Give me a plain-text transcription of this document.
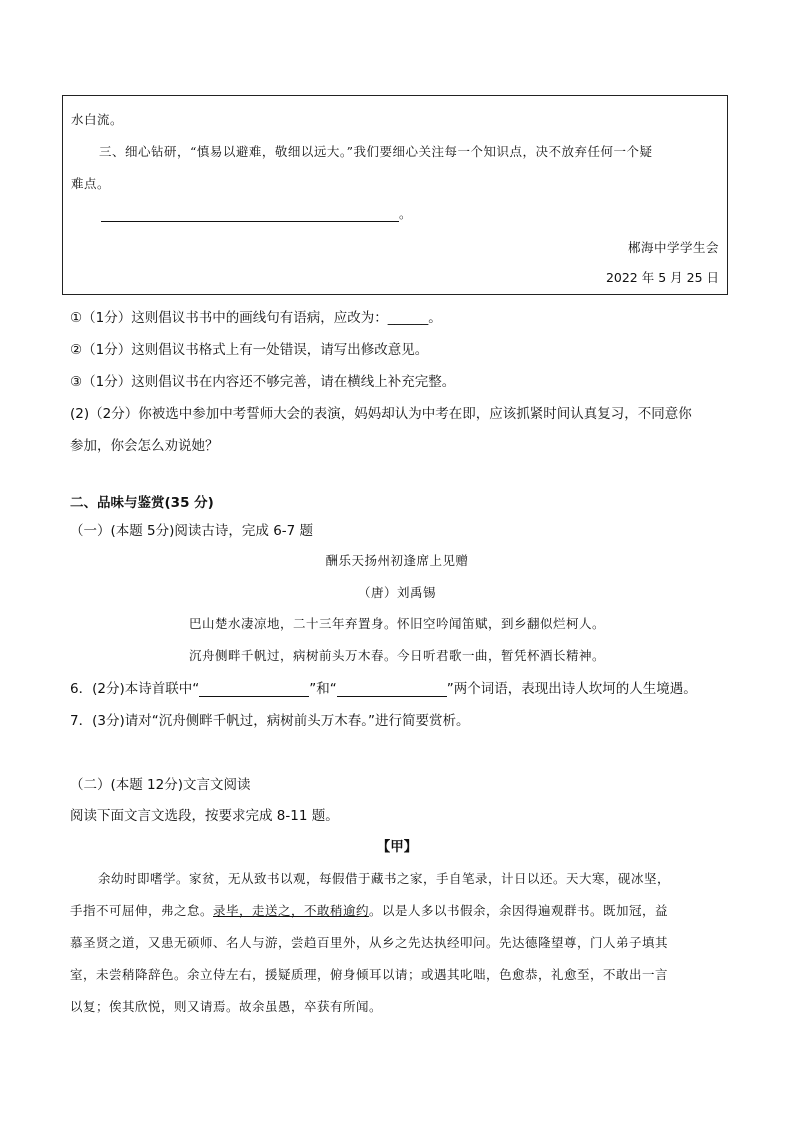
水白流。
三、细心钻研，“慎易以避难，敬细以远大。”我们要细心关注每一个知识点，决不放弃任何一个疑
难点。
。
郴海中学学生会
2022 年 5 月 25 日
①（1分）这则倡议书书中的画线句有语病，应改为：______。
②（1分）这则倡议书格式上有一处错误，请写出修改意见。
③（1分）这则倡议书在内容还不够完善，请在横线上补充完整。
(2)（2分）你被选中参加中考誓师大会的表演，妈妈却认为中考在即，应该抓紧时间认真复习，不同意你
参加，你会怎么劝说她？
二、品味与鉴赏(35 分)
（一）(本题 5分)阅读古诗，完成 6-7 题
酬乐天扬州初逢席上见赠
（唐）刘禹锡
巴山楚水凄凉地，二十三年弃置身。怀旧空吟闻笛赋，到乡翻似烂柯人。
沉舟侧畔千帆过，病树前头万木春。今日听君歌一曲，暂凭杯酒长精神。
6．(2分)本诗首联中“	”和“	”两个词语，表现出诗人坎坷的人生境遇。
7．(3分)请对“沉舟侧畔千帆过，病树前头万木春。”进行简要赏析。
（二）(本题 12分)文言文阅读
阅读下面文言文选段，按要求完成 8-11 题。
【甲】
余幼时即嗜学。家贫，无从致书以观，每假借于藏书之家，手自笔录，计日以还。天大寒，砚冰坚，
手指不可屈伸，弗之怠。录毕，走送之，不敢稍逾约。以是人多以书假余，余因得遍观群书。既加冠，益
慕圣贤之道，又患无硕师、名人与游，尝趋百里外，从乡之先达执经叩问。先达德隆望尊，门人弟子填其
室，未尝稍降辞色。余立侍左右，援疑质理，俯身倾耳以请；或遇其叱咄，色愈恭，礼愈至，不敢出一言
以复；俟其欣悦，则又请焉。故余虽愚，卒获有所闻。
